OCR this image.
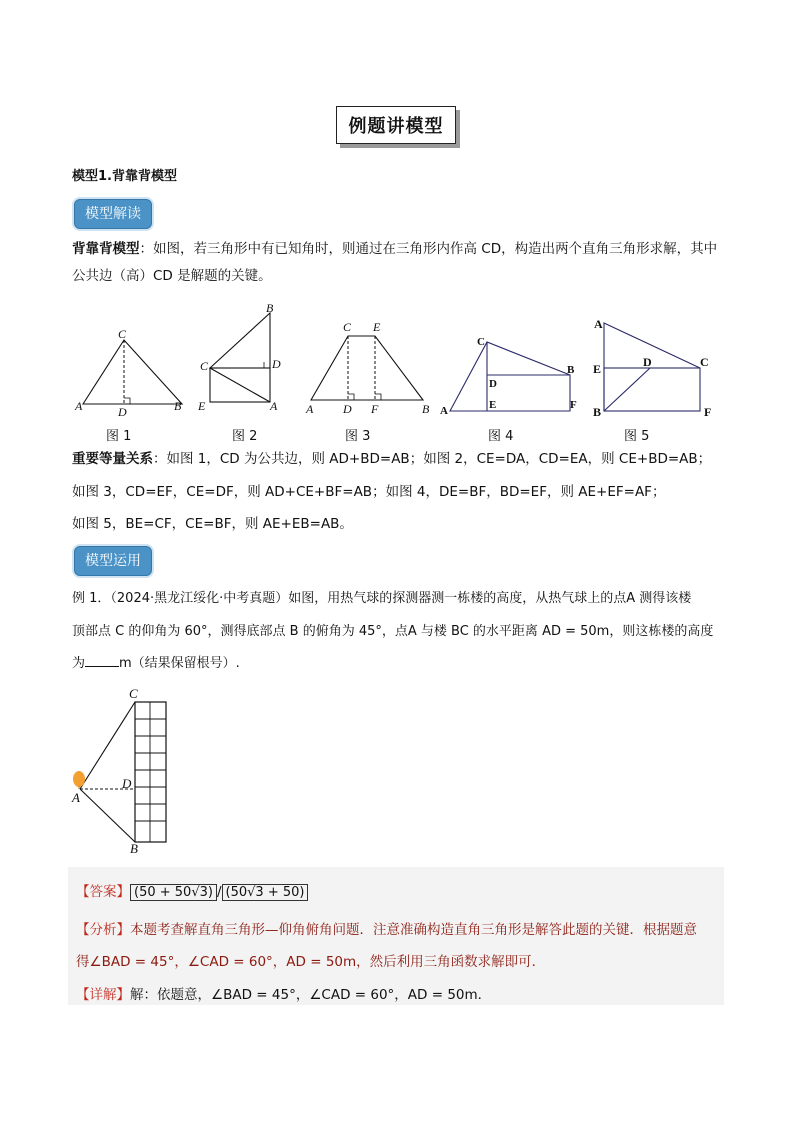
例题讲模型
模型1.背靠背模型
模型解读
背靠背模型：如图，若三角形中有已知角时，则通过在三角形内作高 CD，构造出两个直角三角形求解，其中公共边（高）CD 是解题的关键。
C
A	D	B
B
C	D
E	A
C E
A D F	B
C
D
B
E
A	F
A
D	C
E
B	F
图 1	图 2	图 3	图 4	图 5
重要等量关系：如图 1，CD 为公共边，则 AD+BD=AB；如图 2，CE=DA，CD=EA，则 CE+BD=AB；
如图 3，CD=EF，CE=DF，则 AD+CE+BF=AB；如图 4，DE=BF，BD=EF，则 AE+EF=AF；
如图 5，BE=CF，CE=BF，则 AE+EB=AB。
模型运用
例 1．（2024·黑龙江绥化·中考真题）如图，用热气球的探测器测一栋楼的高度，从热气球上的点A 测得该楼
顶部点 C 的仰角为 60°，测得底部点 B 的俯角为 45°，点A 与楼 BC 的水平距离 AD = 50m，则这栋楼的高度
为	m（结果保留根号）.
C
D
A
B
【答案】 (50 + 50√3) / (50√3 + 50)
【分析】本题考查解直角三角形—仰角俯角问题．注意准确构造直角三角形是解答此题的关键．根据题意
得∠BAD = 45°，∠CAD = 60°，AD = 50m，然后利用三角函数求解即可．
【详解】解：依题意，∠BAD = 45°，∠CAD = 60°，AD = 50m．
